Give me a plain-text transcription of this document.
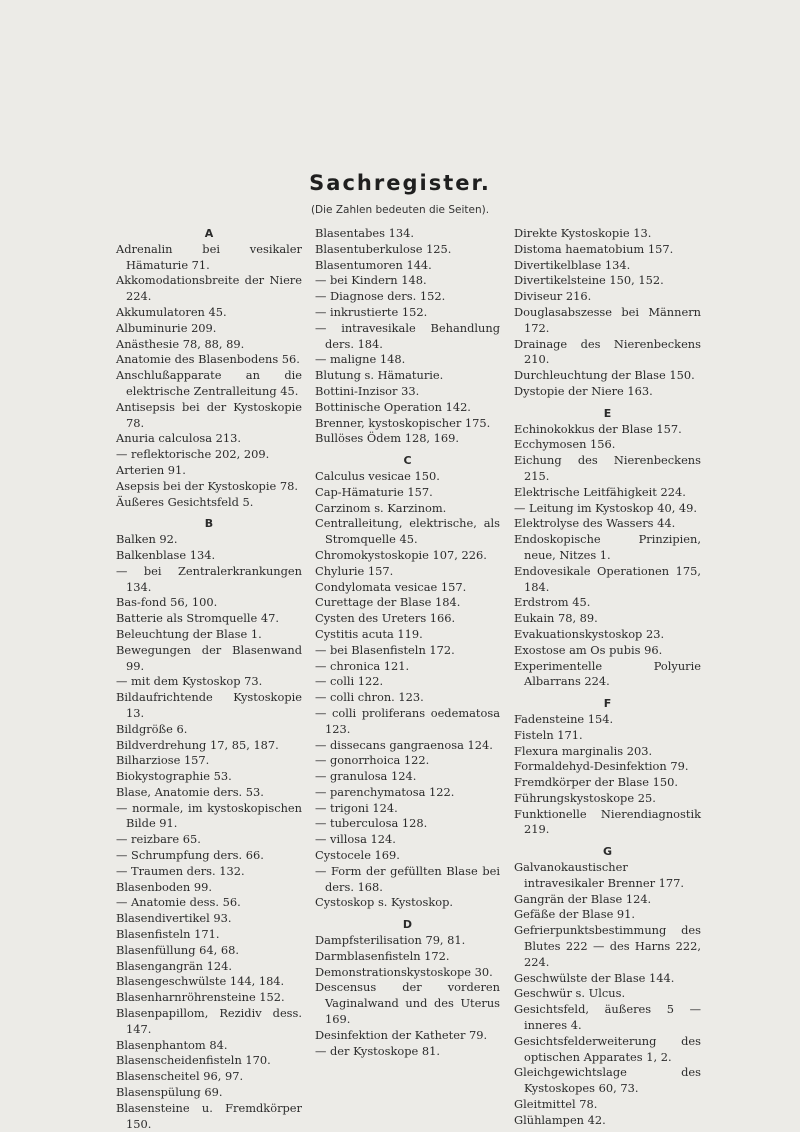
Sachregister.
(Die Zahlen bedeuten die Seiten).
A
Adrenalin bei vesikaler Hämaturie 71.
Akkomodationsbreite der Niere 224.
Akkumulatoren 45.
Albuminurie 209.
Anästhesie 78, 88, 89.
Anatomie des Blasenbodens 56.
Anschlußapparate an die elektrische Zentralleitung 45.
Antisepsis bei der Kystoskopie 78.
Anuria calculosa 213.
— reflektorische 202, 209.
Arterien 91.
Asepsis bei der Kystoskopie 78.
Äußeres Gesichtsfeld 5.
B
Balken 92.
Balkenblase 134.
— bei Zentralerkrankungen 134.
Bas-fond 56, 100.
Batterie als Stromquelle 47.
Beleuchtung der Blase 1.
Bewegungen der Blasenwand 99.
— mit dem Kystoskop 73.
Bildaufrichtende Kystoskopie 13.
Bildgröße 6.
Bildverdrehung 17, 85, 187.
Bilharziose 157.
Biokystographie 53.
Blase, Anatomie ders. 53.
— normale, im kystoskopischen Bilde 91.
— reizbare 65.
— Schrumpfung ders. 66.
— Traumen ders. 132.
Blasenboden 99.
— Anatomie dess. 56.
Blasendivertikel 93.
Blasenfisteln 171.
Blasenfüllung 64, 68.
Blasengangrän 124.
Blasengeschwülste 144, 184.
Blasenharnröhrensteine 152.
Blasenpapillom, Rezidiv dess. 147.
Blasenphantom 84.
Blasenscheidenfisteln 170.
Blasenscheitel 96, 97.
Blasenspülung 69.
Blasensteine u. Fremdkörper 150.
Blasentabes 134.
Blasentuberkulose 125.
Blasentumoren 144.
— bei Kindern 148.
— Diagnose ders. 152.
— inkrustierte 152.
— intravesikale Behandlung ders. 184.
— maligne 148.
Blutung s. Hämaturie.
Bottini-Inzisor 33.
Bottinische Operation 142.
Brenner, kystoskopischer 175.
Bullöses Ödem 128, 169.
C
Calculus vesicae 150.
Cap-Hämaturie 157.
Carzinom s. Karzinom.
Centralleitung, elektrische, als Stromquelle 45.
Chromokystoskopie 107, 226.
Chylurie 157.
Condylomata vesicae 157.
Curettage der Blase 184.
Cysten des Ureters 166.
Cystitis acuta 119.
— bei Blasenfisteln 172.
— chronica 121.
— colli 122.
— colli chron. 123.
— colli proliferans oedematosa 123.
— dissecans gangraenosa 124.
— gonorrhoica 122.
— granulosa 124.
— parenchymatosa 122.
— trigoni 124.
— tuberculosa 128.
— villosa 124.
Cystocele 169.
— Form der gefüllten Blase bei ders. 168.
Cystoskop s. Kystoskop.
D
Dampfsterilisation 79, 81.
Darmblasenfisteln 172.
Demonstrationskystoskope 30.
Descensus der vorderen Vaginalwand und des Uterus 169.
Desinfektion der Katheter 79.
— der Kystoskope 81.
Direkte Kystoskopie 13.
Distoma haematobium 157.
Divertikelblase 134.
Divertikelsteine 150, 152.
Diviseur 216.
Douglasabszesse bei Männern 172.
Drainage des Nierenbeckens 210.
Durchleuchtung der Blase 150.
Dystopie der Niere 163.
E
Echinokokkus der Blase 157.
Ecchymosen 156.
Eichung des Nierenbeckens 215.
Elektrische Leitfähigkeit 224.
— Leitung im Kystoskop 40, 49.
Elektrolyse des Wassers 44.
Endoskopische Prinzipien, neue, Nitzes 1.
Endovesikale Operationen 175, 184.
Erdstrom 45.
Eukain 78, 89.
Evakuationskystoskop 23.
Exostose am Os pubis 96.
Experimentelle Polyurie Albarrans 224.
F
Fadensteine 154.
Fisteln 171.
Flexura marginalis 203.
Formaldehyd-Desinfektion 79.
Fremdkörper der Blase 150.
Führungskystoskope 25.
Funktionelle Nierendiagnostik 219.
G
Galvanokaustischer intravesikaler Brenner 177.
Gangrän der Blase 124.
Gefäße der Blase 91.
Gefrierpunktsbestimmung des Blutes 222 — des Harns 222, 224.
Geschwülste der Blase 144.
Geschwür s. Ulcus.
Gesichtsfeld, äußeres 5 — inneres 4.
Gesichtsfelderweiterung des optischen Apparates 1, 2.
Gleichgewichtslage des Kystoskopes 60, 73.
Gleitmittel 78.
Glühlampen 42.
